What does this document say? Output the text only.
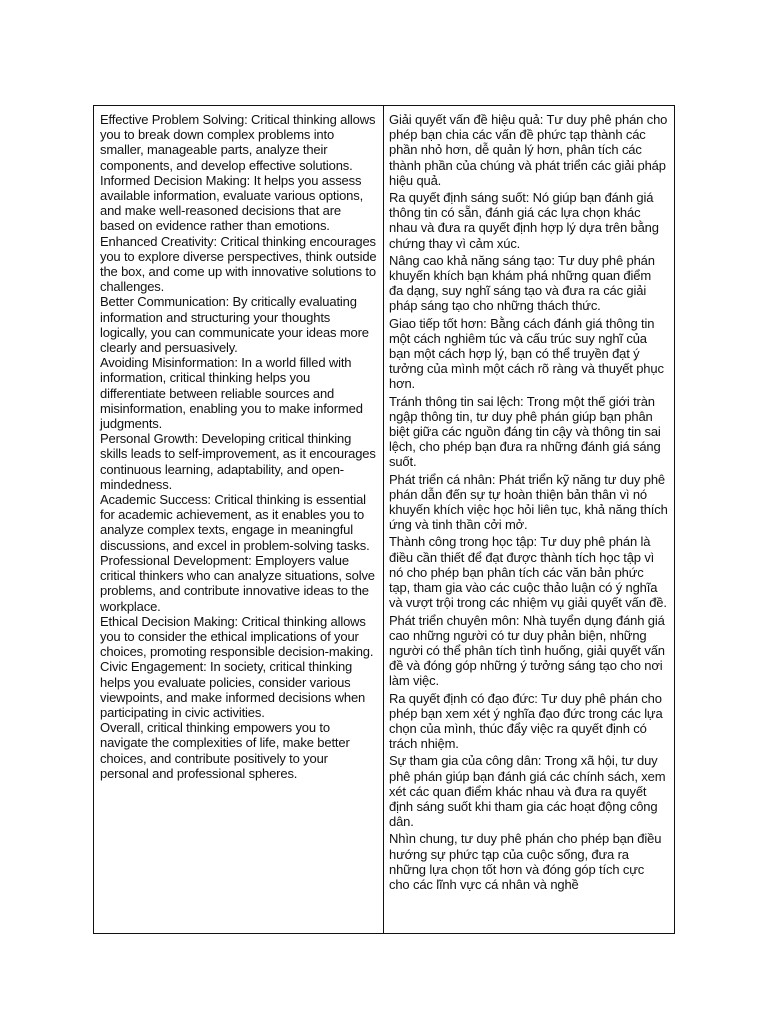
Effective Problem Solving: Critical thinking allows you to break down complex problems into smaller, manageable parts, analyze their components, and develop effective solutions.

Informed Decision Making: It helps you assess available information, evaluate various options, and make well-reasoned decisions that are based on evidence rather than emotions.

Enhanced Creativity: Critical thinking encourages you to explore diverse perspectives, think outside the box, and come up with innovative solutions to challenges.

Better Communication: By critically evaluating information and structuring your thoughts logically, you can communicate your ideas more clearly and persuasively.

Avoiding Misinformation: In a world filled with information, critical thinking helps you differentiate between reliable sources and misinformation, enabling you to make informed judgments.

Personal Growth: Developing critical thinking skills leads to self-improvement, as it encourages continuous learning, adaptability, and open-mindedness.

Academic Success: Critical thinking is essential for academic achievement, as it enables you to analyze complex texts, engage in meaningful discussions, and excel in problem-solving tasks.

Professional Development: Employers value critical thinkers who can analyze situations, solve problems, and contribute innovative ideas to the workplace.

Ethical Decision Making: Critical thinking allows you to consider the ethical implications of your choices, promoting responsible decision-making.

Civic Engagement: In society, critical thinking helps you evaluate policies, consider various viewpoints, and make informed decisions when participating in civic activities.

Overall, critical thinking empowers you to navigate the complexities of life, make better choices, and contribute positively to your personal and professional spheres.

Giải quyết vấn đề hiệu quả: Tư duy phê phán cho phép bạn chia các vấn đề phức tạp thành các phần nhỏ hơn, dễ quản lý hơn, phân tích các thành phần của chúng và phát triển các giải pháp hiệu quả.

Ra quyết định sáng suốt: Nó giúp bạn đánh giá thông tin có sẵn, đánh giá các lựa chọn khác nhau và đưa ra quyết định hợp lý dựa trên bằng chứng thay vì cảm xúc.

Nâng cao khả năng sáng tạo: Tư duy phê phán khuyến khích bạn khám phá những quan điểm đa dạng, suy nghĩ sáng tạo và đưa ra các giải pháp sáng tạo cho những thách thức.

Giao tiếp tốt hơn: Bằng cách đánh giá thông tin một cách nghiêm túc và cấu trúc suy nghĩ của bạn một cách hợp lý, bạn có thể truyền đạt ý tưởng của mình một cách rõ ràng và thuyết phục hơn.

Tránh thông tin sai lệch: Trong một thế giới tràn ngập thông tin, tư duy phê phán giúp bạn phân biệt giữa các nguồn đáng tin cậy và thông tin sai lệch, cho phép bạn đưa ra những đánh giá sáng suốt.

Phát triển cá nhân: Phát triển kỹ năng tư duy phê phán dẫn đến sự tự hoàn thiện bản thân vì nó khuyến khích việc học hỏi liên tục, khả năng thích ứng và tinh thần cởi mở.

Thành công trong học tập: Tư duy phê phán là điều cần thiết để đạt được thành tích học tập vì nó cho phép bạn phân tích các văn bản phức tạp, tham gia vào các cuộc thảo luận có ý nghĩa và vượt trội trong các nhiệm vụ giải quyết vấn đề.

Phát triển chuyên môn: Nhà tuyển dụng đánh giá cao những người có tư duy phản biện, những người có thể phân tích tình huống, giải quyết vấn đề và đóng góp những ý tưởng sáng tạo cho nơi làm việc.

Ra quyết định có đạo đức: Tư duy phê phán cho phép bạn xem xét ý nghĩa đạo đức trong các lựa chọn của mình, thúc đẩy việc ra quyết định có trách nhiệm.

Sự tham gia của công dân: Trong xã hội, tư duy phê phán giúp bạn đánh giá các chính sách, xem xét các quan điểm khác nhau và đưa ra quyết định sáng suốt khi tham gia các hoạt động công dân.

Nhìn chung, tư duy phê phán cho phép bạn điều hướng sự phức tạp của cuộc sống, đưa ra những lựa chọn tốt hơn và đóng góp tích cực cho các lĩnh vực cá nhân và nghề
